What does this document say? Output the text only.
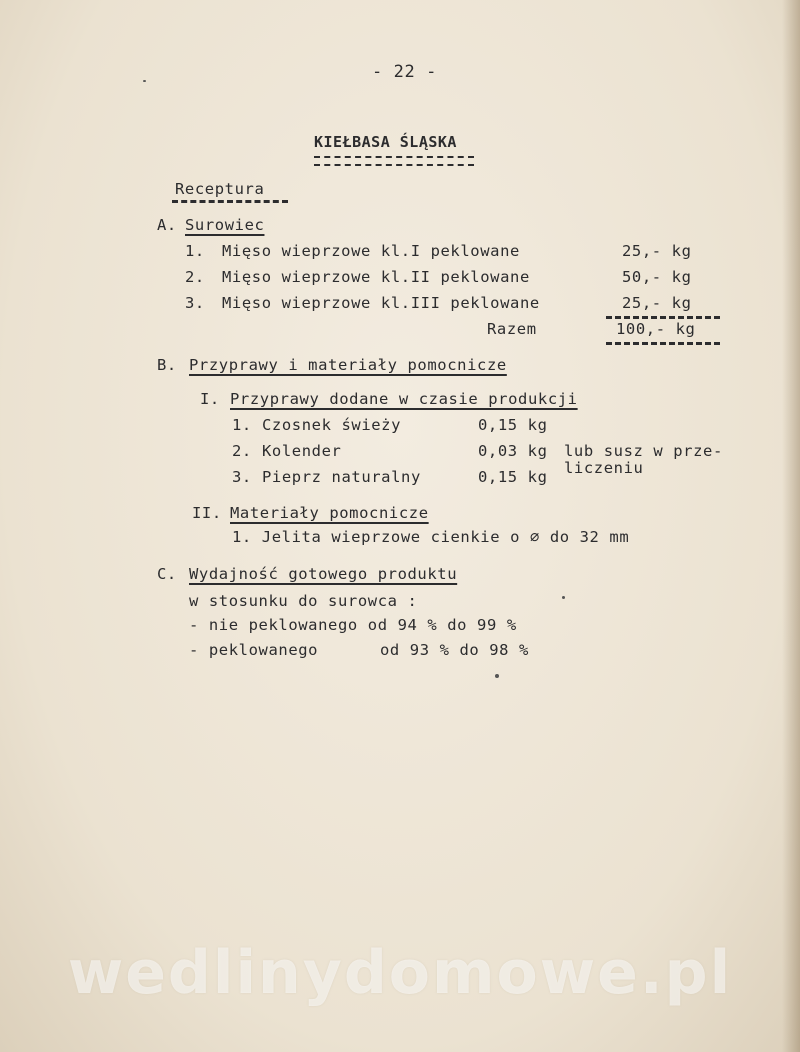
- 22 -
KIEŁBASA ŚLĄSKA
Receptura
A. Surowiec
1. Mięso wieprzowe kl.I peklowane	25,- kg
2. Mięso wieprzowe kl.II peklowane	50,- kg
3. Mięso wieprzowe kl.III peklowane	25,- kg
Razem	100,- kg
B. Przyprawy i materiały pomocnicze
I. Przyprawy dodane w czasie produkcji
1. Czosnek świeży	0,15 kg
2. Kolender	0,03 kg lub susz w prze-
3. Pieprz naturalny	0,15 kg liczeniu
II. Materiały pomocnicze
1. Jelita wieprzowe cienkie o ∅ do 32 mm
C. Wydajność gotowego produktu
w stosunku do surowca :
- nie peklowanego od 94 % do 99 %
- peklowanego	od 93 % do 98 %
wedlinydomowe.pl
